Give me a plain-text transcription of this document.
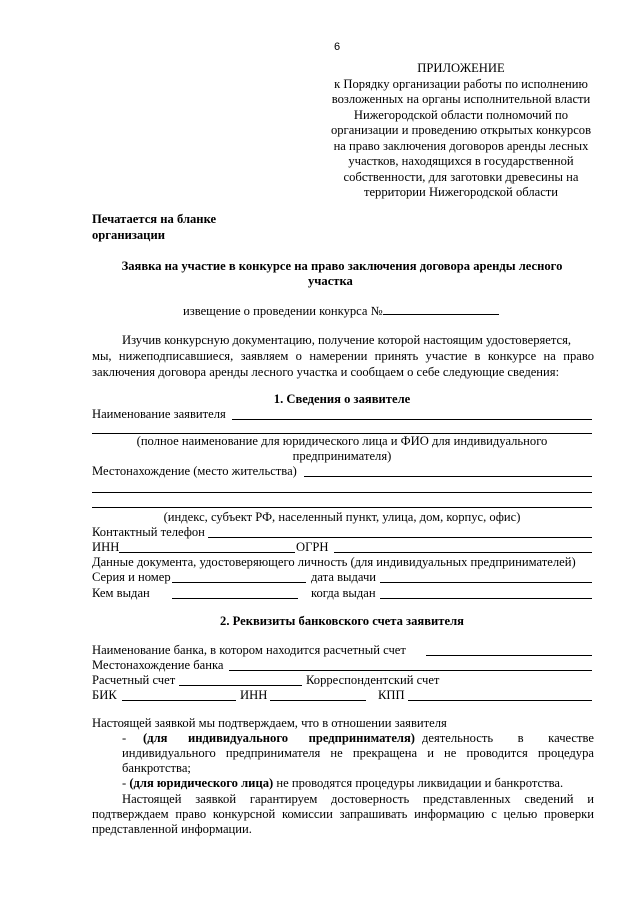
6
ПРИЛОЖЕНИЕ
к Порядку организации работы по исполнению
возложенных на органы исполнительной власти
Нижегородской области полномочий по
организации и проведению открытых конкурсов
на право заключения договоров аренды лесных
участков, находящихся в государственной
собственности, для заготовки древесины на
территории Нижегородской области
Печатается на бланке
организации
Заявка на участие в конкурсе на право заключения договора аренды лесного
участка
извещение о проведении конкурса №
Изучив конкурсную документацию, получение которой настоящим удостоверяется,
мы, нижеподписавшиеся, заявляем о намерении принять участие в конкурсе на право
заключения договора аренды лесного участка и сообщаем о себе следующие сведения:
1. Сведения о заявителе
Наименование заявителя
(полное наименование для юридического лица и ФИО для индивидуального
предпринимателя)
Местонахождение (место жительства)
(индекс, субъект РФ, населенный пункт, улица, дом, корпус, офис)
Контактный телефон
ИНН	ОГРН
Данные документа, удостоверяющего личность (для индивидуальных предпринимателей)
Серия и номер	дата выдачи
Кем выдан	когда выдан
2. Реквизиты банковского счета заявителя
Наименование банка, в котором находится расчетный счет
Местонахождение банка
Расчетный счет	Корреспондентский счет
БИК	ИНН	КПП
Настоящей заявкой мы подтверждаем, что в отношении заявителя
- (для индивидуального предпринимателя) деятельность в качестве
индивидуального предпринимателя не прекращена и не проводится процедура
банкротства;
- (для юридического лица) не проводятся процедуры ликвидации и банкротства.
Настоящей заявкой гарантируем достоверность представленных сведений и
подтверждаем право конкурсной комиссии запрашивать информацию с целью проверки
представленной информации.
